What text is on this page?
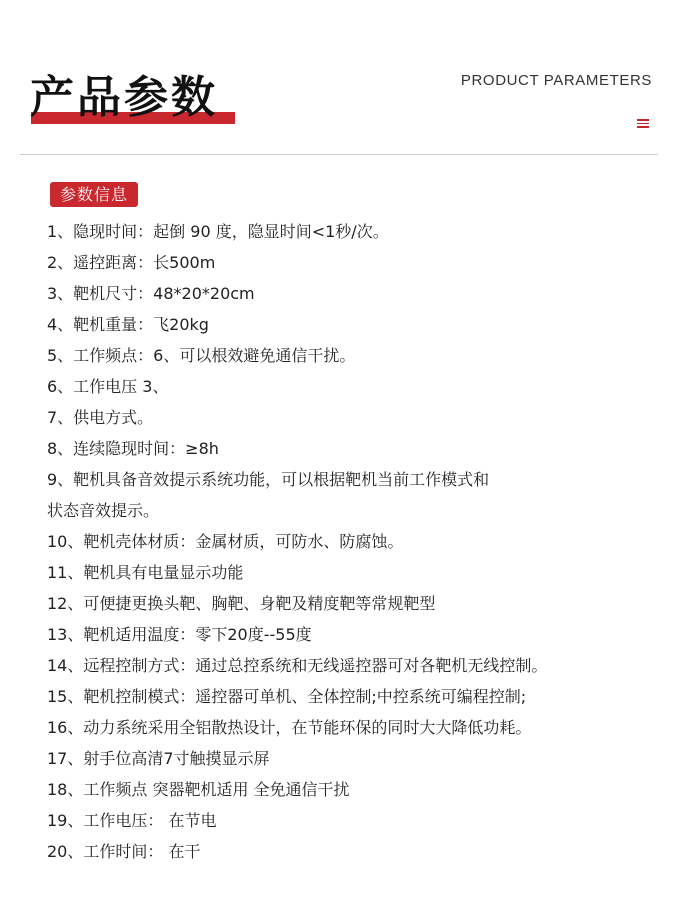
产品参数	PRODUCT PARAMETERS
参数信息
1、隐现时间：起倒 90 度，隐显时间<1秒/次。
2、遥控距离：长500m
3、靶机尺寸：48*20*20cm
4、靶机重量：飞20kg
5、工作频点：6、可以根效避免通信干扰。
6、工作电压 3、
7、供电方式。
8、连续隐现时间：≥8h
9、靶机具备音效提示系统功能，可以根据靶机当前工作模式和
状态音效提示。
10、靶机壳体材质：金属材质，可防水、防腐蚀。
11、靶机具有电量显示功能
12、可便捷更换头靶、胸靶、身靶及精度靶等常规靶型
13、靶机适用温度：零下20度--55度
14、远程控制方式：通过总控系统和无线遥控器可对各靶机无线控制。
15、靶机控制模式：遥控器可单机、全体控制;中控系统可编程控制;
16、动力系统采用全铝散热设计，在节能环保的同时大大降低功耗。
17、射手位高清7寸触摸显示屏
18、工作频点 突器靶机适用 全免通信干扰
19、工作电压： 在节电
20、工作时间： 在干
